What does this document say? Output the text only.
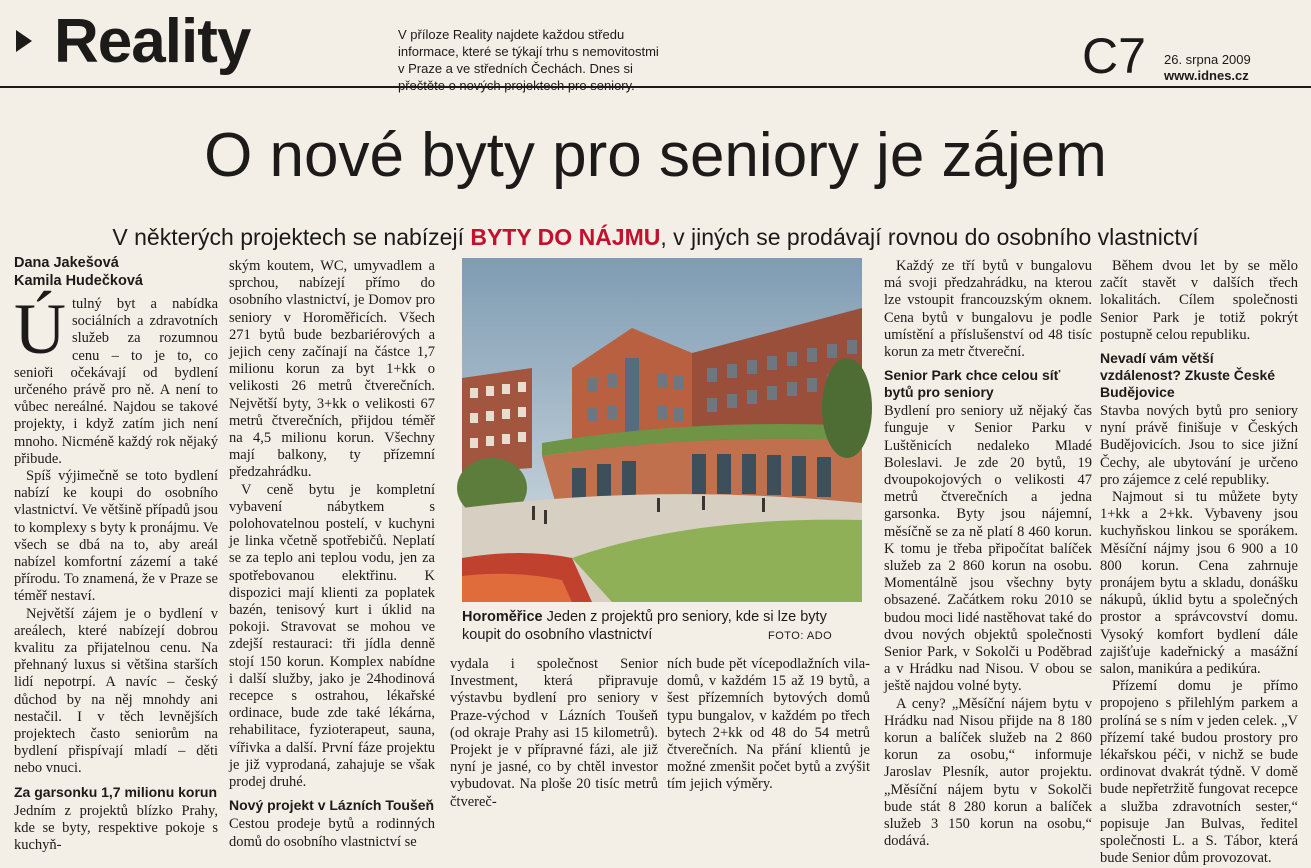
Reality	V příloze Reality najdete každou středu informace, které se týkají trhu s nemovitostmi v Praze a ve středních Čechách. Dnes si	C7 26. srpna 2009
www.idnes.cz
O nové byty pro seniory je zájem
V některých projektech se nabízejí BYTY DO NÁJMU, v jiných se prodávají rovnou do osobního vlastnictví
Dana Jakešová
Kamila Hudečková

Útulný byt a nabídka sociálních a zdravotních služeb za rozumnou cenu – to je to, co senioři očekávají od bydlení určeného právě pro ně. A není to vůbec nereálné. Najdou se takové projekty, i když zatím jich není mnoho. Nicméně každý rok nějaký přibude.

Spíš výjimečně se toto bydlení nabízí ke koupi do osobního vlastnictví. Ve většině případů jsou to komplexy s byty k pronájmu. Ve všech se dbá na to, aby areál nabízel komfortní zázemí a také přírodu. To znamená, že v Praze se téměř nestaví.

Největší zájem je o bydlení v areálech, které nabízejí dobrou kvalitu za přijatelnou cenu. Na přehnaný luxus si většina starších lidí nepotrpí. A navíc – český důchod by na něj mnohdy ani nestačil. I v těch levnějších projektech často seniorům na bydlení přispívají mladí – děti nebo vnuci.

Za garsonku 1,7 milionu korun

Jedním z projektů blízko Prahy, kde se byty, respektive pokoje s kuchyň-

ským koutem, WC, umyvadlem a sprchou, nabízejí přímo do osobního vlastnictví, je Domov pro seniory v Horoměřicích. Všech 271 bytů bude bezbariérových a jejich ceny začínají na částce 1,7 milionu korun za byt 1+kk o velikosti 26 metrů čtverečních. Největší byty, 3+kk o velikosti 67 metrů čtverečních, přijdou téměř na 4,5 milionu korun. Všechny mají balkony, ty přízemní předzahrádku.

V ceně bytu je kompletní vybavení nábytkem s polohovatelnou postelí, v kuchyni je linka včetně spotřebičů. Neplatí se za teplo ani teplou vodu, jen za spotřebovanou elektřinu. K dispozici mají klienti za poplatek bazén, tenisový kurt i úklid na pokoji. Stravovat se mohou ve zdejší restauraci: tři jídla denně stojí 150 korun. Komplex nabídne i další služby, jako je 24hodinová recepce s ostrahou, lékařské ordinace, bude zde také lékárna, rehabilitace, fyzioterapeut, sauna, vířivka a další. První fáze projektu je již vyprodaná, zahajuje se však prodej druhé.

Nový projekt v Lázních Toušeň

Cestou prodeje bytů a rodinných domů do osobního vlastnictví se

Horoměřice Jeden z projektů pro seniory, kde si lze byty koupit do osobního vlastnictví	FOTO: ADO

vydala i společnost Senior Investment, která připravuje výstavbu bydlení pro seniory v Praze-východ v Lázních Toušeň (od okraje Prahy asi 15 kilometrů). Projekt je v přípravné fázi, ale již nyní je jasné, co by chtěl investor vybudovat. Na ploše 20 tisíc metrů čtvereč-

ních bude pět vícepodlažních vila-domů, v každém 15 až 19 bytů, a šest přízemních bytových domů typu bungalov, v každém po třech bytech 2+kk od 48 do 54 metrů čtverečních. Na přání klientů je možné zmenšit počet bytů a zvýšit tím jejich výměry.

Každý ze tří bytů v bungalovu má svoji předzahrádku, na kterou lze vstoupit francouzským oknem. Cena bytů v bungalovu je podle umístění a příslušenství od 48 tisíc korun za metr čtvereční.

Senior Park chce celou síť bytů pro seniory

Bydlení pro seniory už nějaký čas funguje v Senior Parku v Luštěnicích nedaleko Mladé Boleslavi. Je zde 20 bytů, 19 dvoupokojových o velikosti 47 metrů čtverečních a jedna garsonka. Byty jsou nájemní, měsíčně se za ně platí 8 460 korun. K tomu je třeba připočítat balíček služeb za 2 860 korun na osobu. Momentálně jsou všechny byty obsazené. Začátkem roku 2010 se budou moci lidé nastěhovat také do dvou nových objektů společnosti Senior Park, v Sokolči u Poděbrad a v Hrádku nad Nisou. V obou se ještě najdou volné byty.

A ceny? „Měsíční nájem bytu v Hrádku nad Nisou přijde na 8 180 korun a balíček služeb na 2 860 korun za osobu,“ informuje Jaroslav Plesník, autor projektu. „Měsíční nájem bytu v Sokolči bude stát 8 280 korun a balíček služeb 3 150 korun na osobu,“ dodává.

Během dvou let by se mělo začít stavět v dalších třech lokalitách. Cílem společnosti Senior Park je totiž pokrýt postupně celou republiku.

Nevadí vám větší vzdálenost? Zkuste České Budějovice

Stavba nových bytů pro seniory nyní právě finišuje v Českých Budějovicích. Jsou to sice jižní Čechy, ale ubytování je určeno pro zájemce z celé republiky.

Najmout si tu můžete byty 1+kk a 2+kk. Vybaveny jsou kuchyňskou linkou se sporákem. Měsíční nájmy jsou 6 900 a 10 800 korun. Cena zahrnuje pronájem bytu a skladu, donášku nákupů, úklid bytu a společných prostor a správcovství domu. Vysoký komfort bydlení dále zajišťuje kadeřnický a masážní salon, manikúra a pedikúra.

Přízemí domu je přímo propojeno s přilehlým parkem a prolíná se s ním v jeden celek. „V přízemí také budou prostory pro lékařskou péči, v nichž se bude ordinovat dvakrát týdně. V domě bude nepřetržitě fungovat recepce a služba zdravotních sester,“ popisuje Jan Bulvas, ředitel společnosti L. a S. Tábor, která bude Senior dům provozovat.
